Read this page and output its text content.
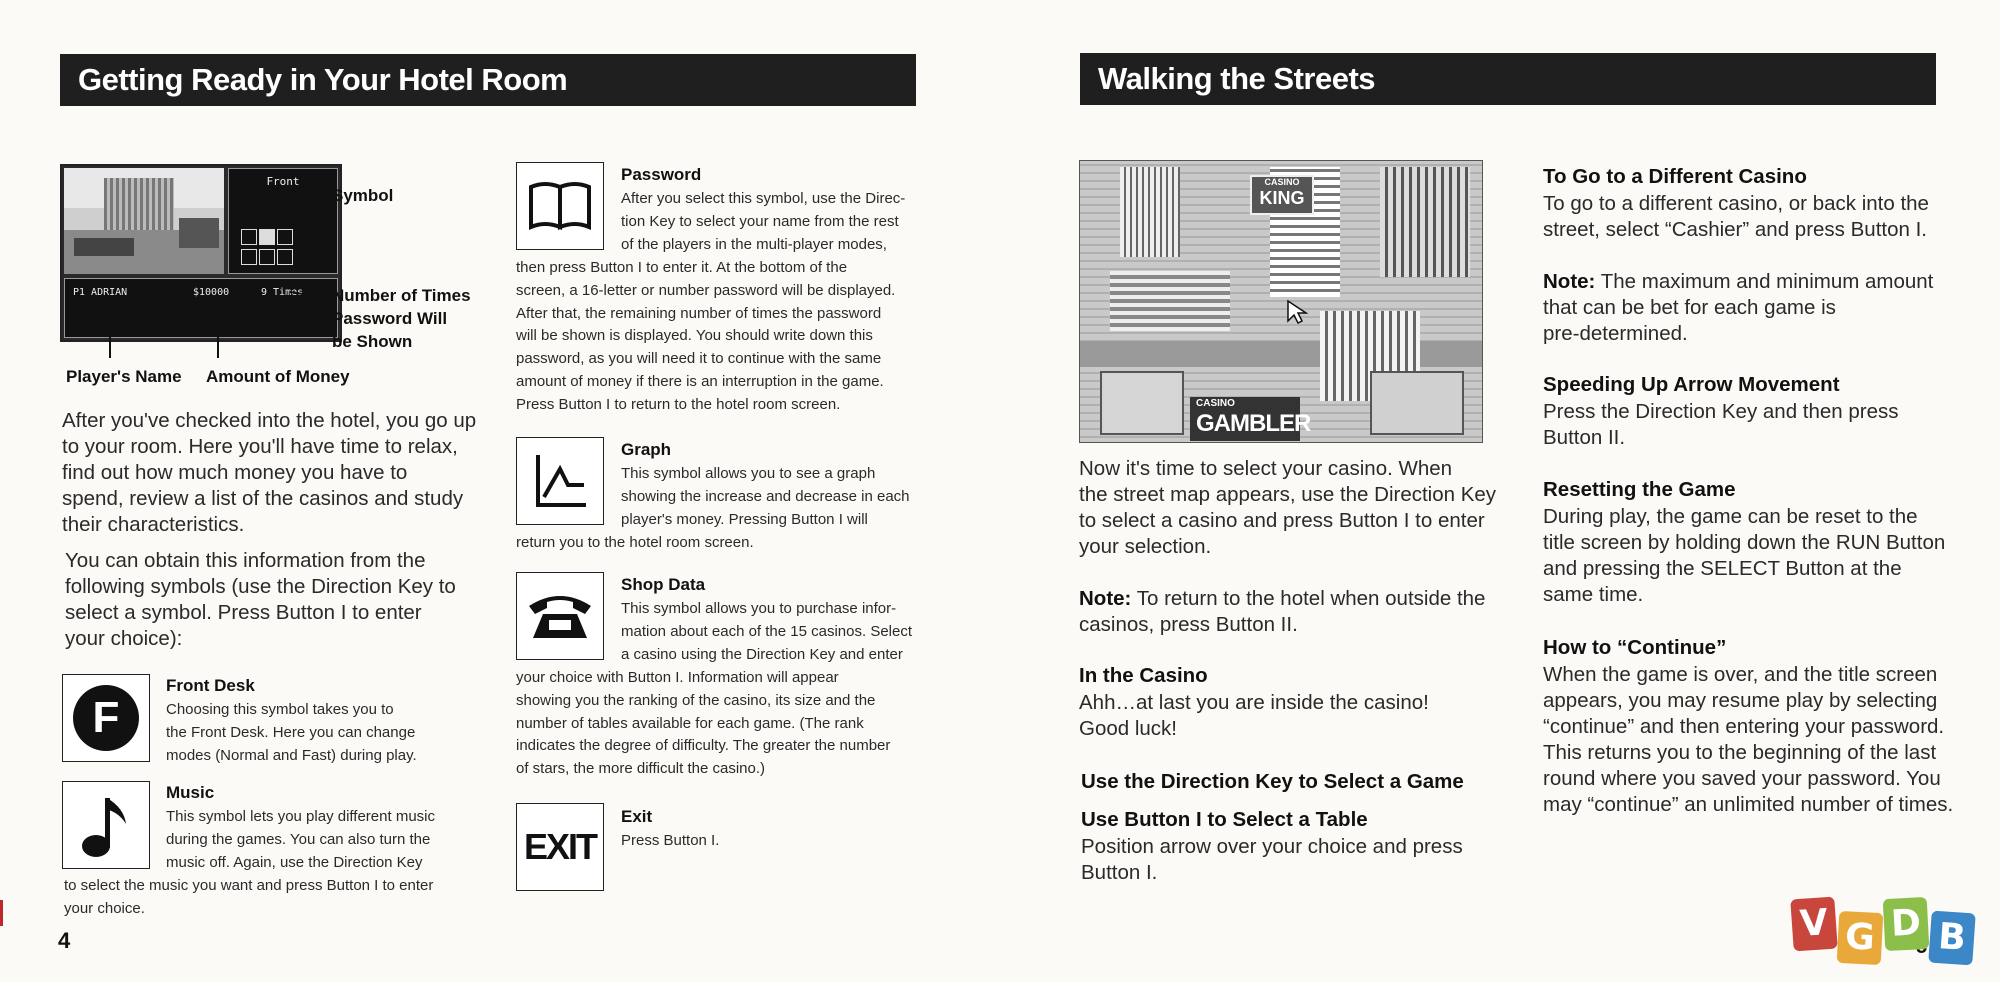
Getting Ready in Your Hotel Room
Front
P1 ADRIAN	$10000	9 Times
Symbol
Number of Times
Password Will
be Shown
Player's Name Amount of Money
After you've checked into the hotel, you go up
to your room. Here you'll have time to relax,
find out how much money you have to
spend, review a list of the casinos and study
their characteristics.
You can obtain this information from the
following symbols (use the Direction Key to
select a symbol. Press Button I to enter
your choice):
F
Front Desk
Choosing this symbol takes you to
the Front Desk. Here you can change
modes (Normal and Fast) during play.
Music
This symbol lets you play different music
during the games. You can also turn the
music off. Again, use the Direction Key
to select the music you want and press Button I to enter
your choice.
4
Password
After you select this symbol, use the Direc-
tion Key to select your name from the rest
of the players in the multi-player modes,
then press Button I to enter it. At the bottom of the
screen, a 16-letter or number password will be displayed.
After that, the remaining number of times the password
will be shown is displayed. You should write down this
password, as you will need it to continue with the same
amount of money if there is an interruption in the game.
Press Button I to return to the hotel room screen.
Graph
This symbol allows you to see a graph
showing the increase and decrease in each
player's money. Pressing Button I will
return you to the hotel room screen.
Shop Data
This symbol allows you to purchase infor-
mation about each of the 15 casinos. Select
a casino using the Direction Key and enter
your choice with Button I. Information will appear
showing you the ranking of the casino, its size and the
number of tables available for each game. (The rank
indicates the degree of difficulty. The greater the number
of stars, the more difficult the casino.)
EXIT
Exit
Press Button I.
Walking the Streets
CASINO
KING
CASINO
GAMBLER
Now it's time to select your casino. When
the street map appears, use the Direction Key
to select a casino and press Button I to enter
your selection.
Note: To return to the hotel when outside the
casinos, press Button II.
In the Casino
Ahh…at last you are inside the casino!
Good luck!
Use the Direction Key to Select a Game
Use Button I to Select a Table
Position arrow over your choice and press
Button I.
To Go to a Different Casino
To go to a different casino, or back into the
street, select “Cashier” and press Button I.
Note: The maximum and minimum amount
that can be bet for each game is
pre-determined.
Speeding Up Arrow Movement
Press the Direction Key and then press
Button II.
Resetting the Game
During play, the game can be reset to the
title screen by holding down the RUN Button
and pressing the SELECT Button at the
same time.
How to “Continue”
When the game is over, and the title screen
appears, you may resume play by selecting
“continue” and then entering your password.
This returns you to the beginning of the last
round where you saved your password. You
may “continue” an unlimited number of times.
V G D B
